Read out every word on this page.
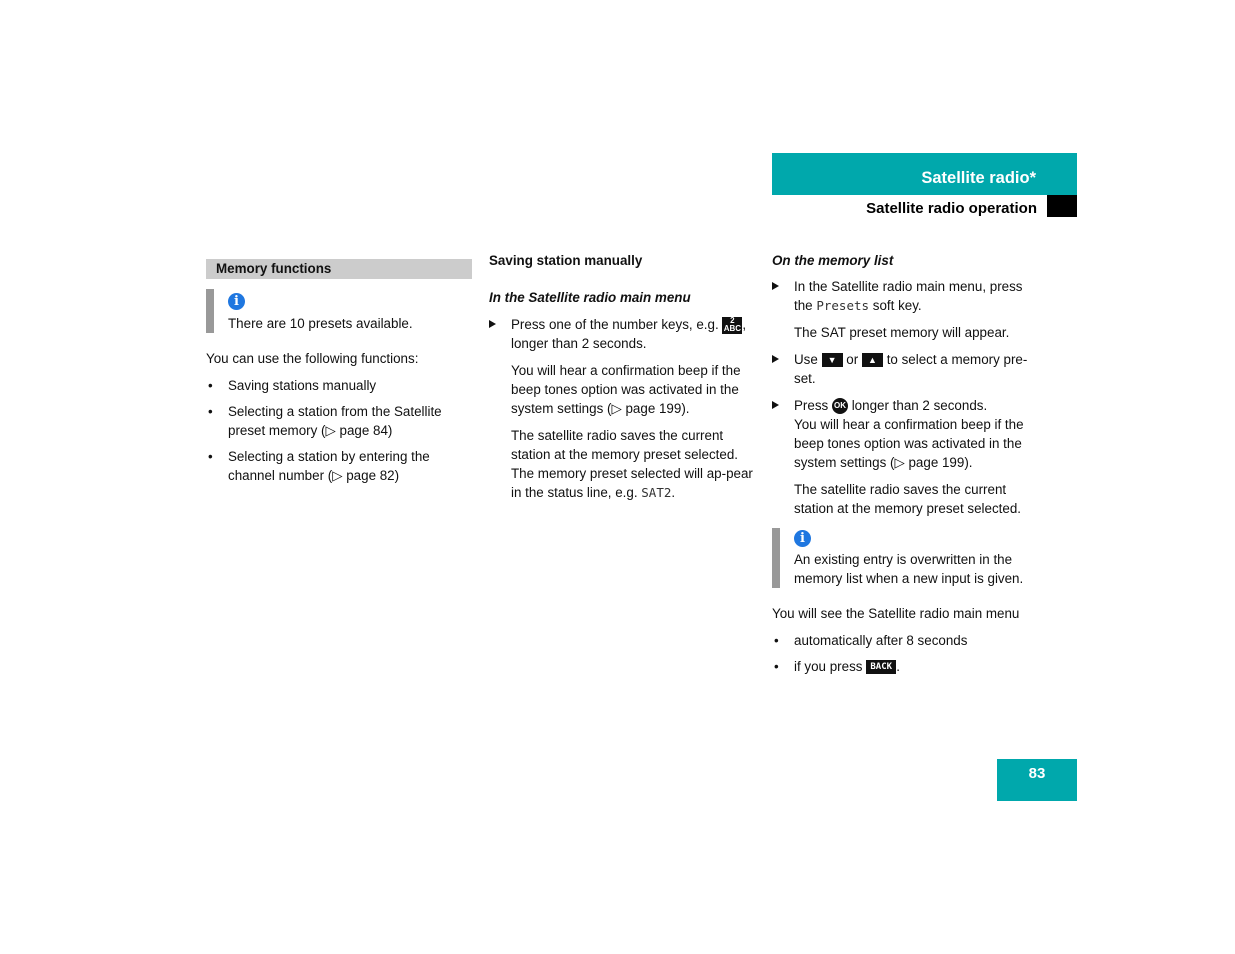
Satellite radio*
Satellite radio operation
Memory functions
i

There are 10 presets available.

You can use the following functions:

• Saving stations manually
• Selecting a station from the Satellite preset memory (▷ page 84)
• Selecting a station by entering the channel number (▷ page 82)

Saving station manually

In the Satellite radio main menu

Press one of the number keys, e.g. 2
ABC, longer than 2 seconds.

You will hear a confirmation beep if the beep tones option was activated in the system settings (▷ page 199).

The satellite radio saves the current station at the memory preset selected. The memory preset selected will ap-pear in the status line, e.g. SAT2.

On the memory list

In the Satellite radio main menu, press the Presets soft key.

The SAT preset memory will appear.

Use ▼ or ▲ to select a memory pre-set.
Press OK longer than 2 seconds.
You will hear a confirmation beep if the beep tones option was activated in the system settings (▷ page 199).

The satellite radio saves the current station at the memory preset selected.

i

An existing entry is overwritten in the memory list when a new input is given.

You will see the Satellite radio main menu

• automatically after 8 seconds
• if you press BACK .
83
